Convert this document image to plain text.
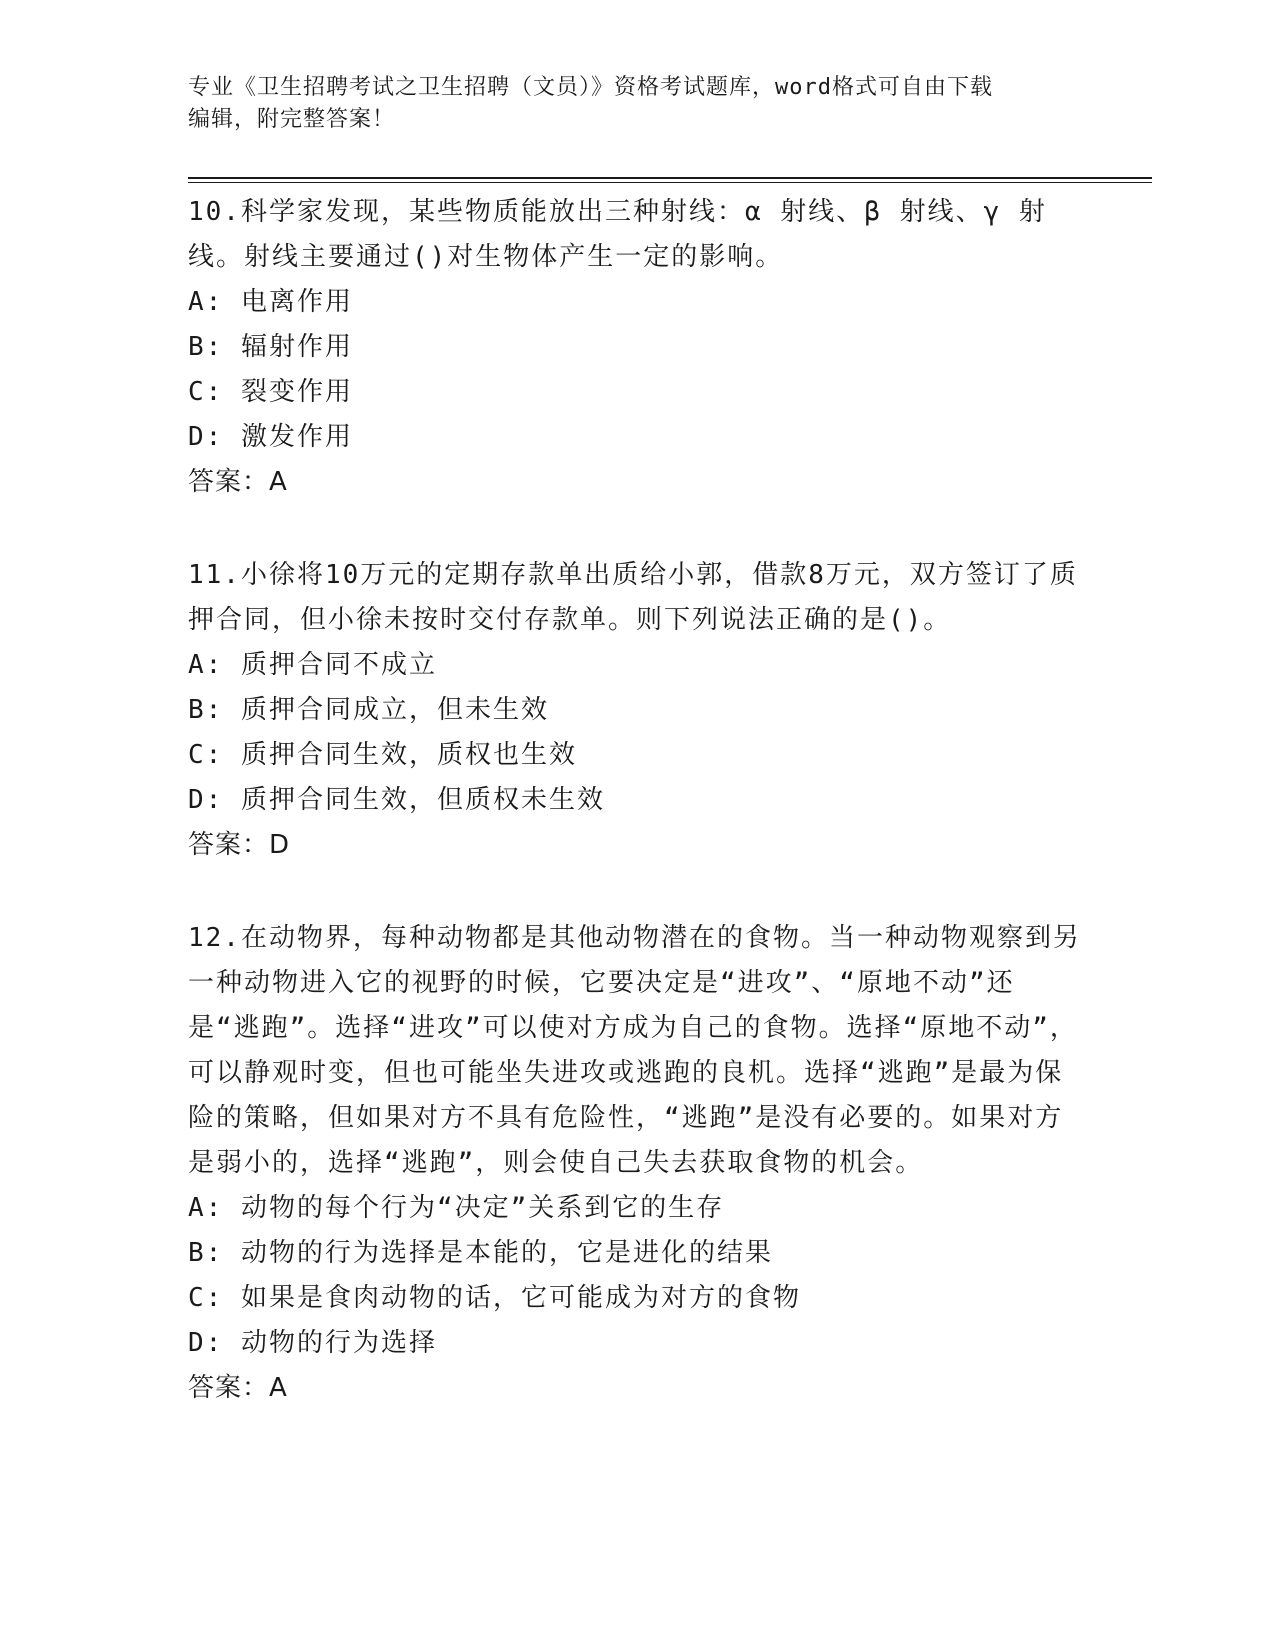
专业《卫生招聘考试之卫生招聘（文员）》资格考试题库，word格式可自由下载
编辑，附完整答案！
10.科学家发现，某些物质能放出三种射线：α 射线、β 射线、γ 射线。射线主要通过()对生物体产生一定的影响。
A: 电离作用
B: 辐射作用
C: 裂变作用
D: 激发作用
答案：A
11.小徐将10万元的定期存款单出质给小郭，借款8万元，双方签订了质押合同，但小徐未按时交付存款单。则下列说法正确的是()。
A: 质押合同不成立
B: 质押合同成立，但未生效
C: 质押合同生效，质权也生效
D: 质押合同生效，但质权未生效
答案：D
12.在动物界，每种动物都是其他动物潜在的食物。当一种动物观察到另一种动物进入它的视野的时候，它要决定是“进攻”、“原地不动”还是“逃跑”。选择“进攻”可以使对方成为自己的食物。选择“原地不动”，可以静观时变，但也可能坐失进攻或逃跑的良机。选择“逃跑”是最为保险的策略，但如果对方不具有危险性，“逃跑”是没有必要的。如果对方是弱小的，选择“逃跑”，则会使自己失去获取食物的机会。
A: 动物的每个行为“决定”关系到它的生存
B: 动物的行为选择是本能的，它是进化的结果
C: 如果是食肉动物的话，它可能成为对方的食物
D: 动物的行为选择
答案：A
